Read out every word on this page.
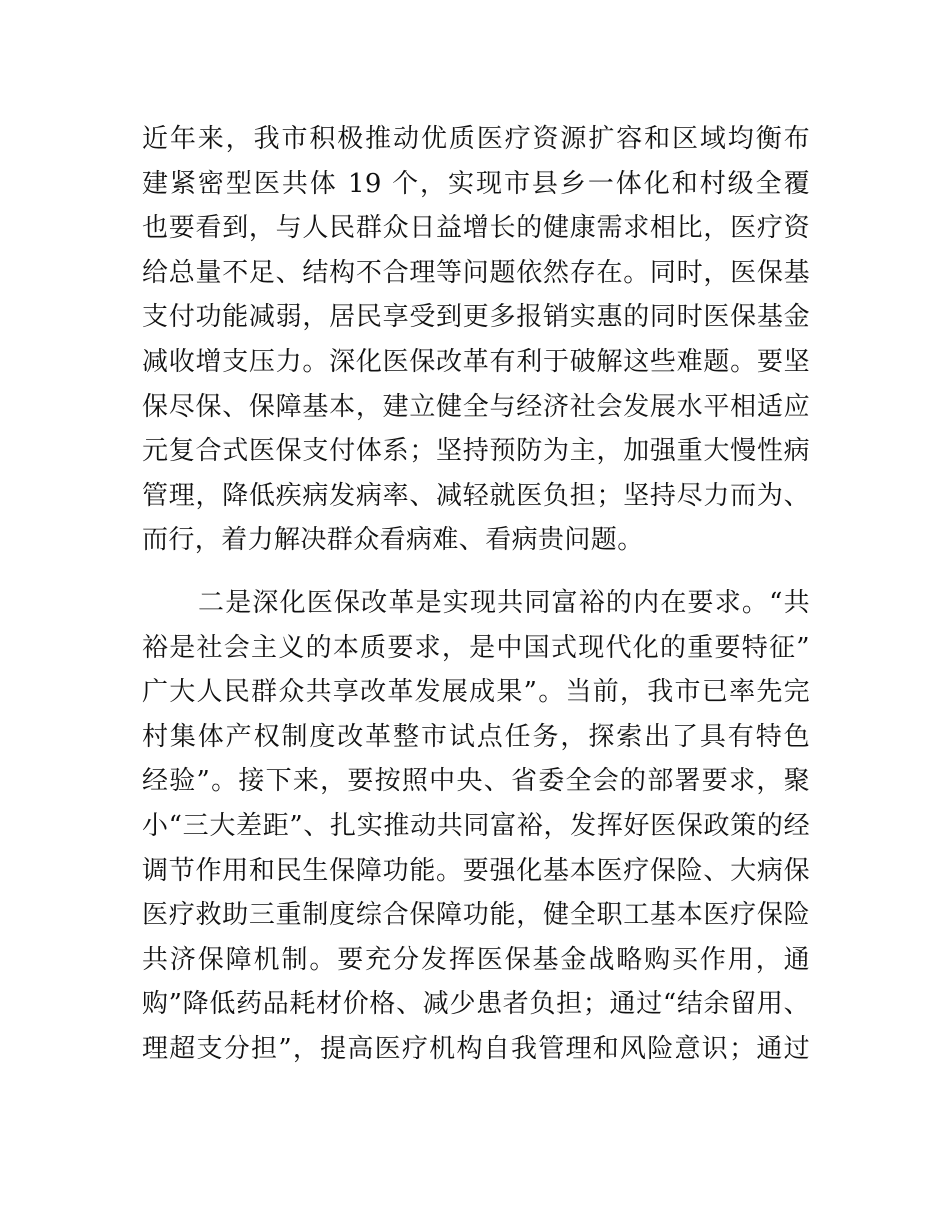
近年来，我市积极推动优质医疗资源扩容和区域均衡布
建紧密型医共体 19 个，实现市县乡一体化和村级全覆
也要看到，与人民群众日益增长的健康需求相比，医疗资
给总量不足、结构不合理等问题依然存在。同时，医保基
支付功能减弱，居民享受到更多报销实惠的同时医保基金
减收增支压力。深化医保改革有利于破解这些难题。要坚
保尽保、保障基本，建立健全与经济社会发展水平相适应
元复合式医保支付体系；坚持预防为主，加强重大慢性病
管理，降低疾病发病率、减轻就医负担；坚持尽力而为、
而行，着力解决群众看病难、看病贵问题。
二是深化医保改革是实现共同富裕的内在要求。“共
裕是社会主义的本质要求，是中国式现代化的重要特征”
广大人民群众共享改革发展成果”。当前，我市已率先完
村集体产权制度改革整市试点任务，探索出了具有特色
经验”。接下来，要按照中央、省委全会的部署要求，聚
小“三大差距”、扎实推动共同富裕，发挥好医保政策的经
调节作用和民生保障功能。要强化基本医疗保险、大病保
医疗救助三重制度综合保障功能，健全职工基本医疗保险
共济保障机制。要充分发挥医保基金战略购买作用，通
购”降低药品耗材价格、减少患者负担；通过“结余留用、
理超支分担”，提高医疗机构自我管理和风险意识；通过
